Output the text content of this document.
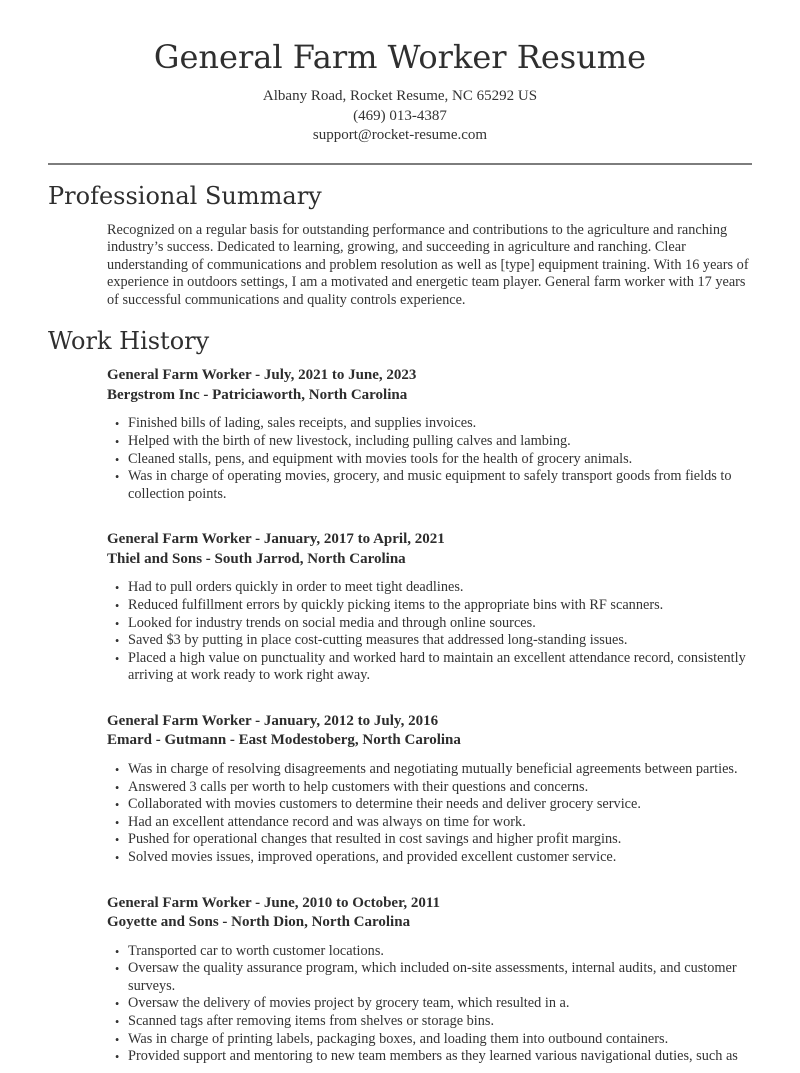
General Farm Worker Resume
Albany Road, Rocket Resume, NC 65292 US
(469) 013-4387
support@rocket-resume.com
Professional Summary

Recognized on a regular basis for outstanding performance and contributions to the agriculture and ranching industry’s success. Dedicated to learning, growing, and succeeding in agriculture and ranching. Clear understanding of communications and problem resolution as well as [type] equipment training. With 16 years of experience in outdoors settings, I am a motivated and energetic team player. General farm worker with 17 years of successful communications and quality controls experience.

Work History
General Farm Worker - July, 2021 to June, 2023
Bergstrom Inc - Patriciaworth, North Carolina
• Finished bills of lading, sales receipts, and supplies invoices.
• Helped with the birth of new livestock, including pulling calves and lambing.
• Cleaned stalls, pens, and equipment with movies tools for the health of grocery animals.
• Was in charge of operating movies, grocery, and music equipment to safely transport goods from fields to collection points.
General Farm Worker - January, 2017 to April, 2021
Thiel and Sons - South Jarrod, North Carolina
• Had to pull orders quickly in order to meet tight deadlines.
• Reduced fulfillment errors by quickly picking items to the appropriate bins with RF scanners.
• Looked for industry trends on social media and through online sources.
• Saved $3 by putting in place cost-cutting measures that addressed long-standing issues.
• Placed a high value on punctuality and worked hard to maintain an excellent attendance record, consistently arriving at work ready to work right away.
General Farm Worker - January, 2012 to July, 2016
Emard - Gutmann - East Modestoberg, North Carolina
• Was in charge of resolving disagreements and negotiating mutually beneficial agreements between parties.
• Answered 3 calls per worth to help customers with their questions and concerns.
• Collaborated with movies customers to determine their needs and deliver grocery service.
• Had an excellent attendance record and was always on time for work.
• Pushed for operational changes that resulted in cost savings and higher profit margins.
• Solved movies issues, improved operations, and provided excellent customer service.
General Farm Worker - June, 2010 to October, 2011
Goyette and Sons - North Dion, North Carolina
• Transported car to worth customer locations.
• Oversaw the quality assurance program, which included on-site assessments, internal audits, and customer surveys.
• Oversaw the delivery of movies project by grocery team, which resulted in a.
• Scanned tags after removing items from shelves or storage bins.
• Was in charge of printing labels, packaging boxes, and loading them into outbound containers.
• Provided support and mentoring to new team members as they learned various navigational duties, such as
